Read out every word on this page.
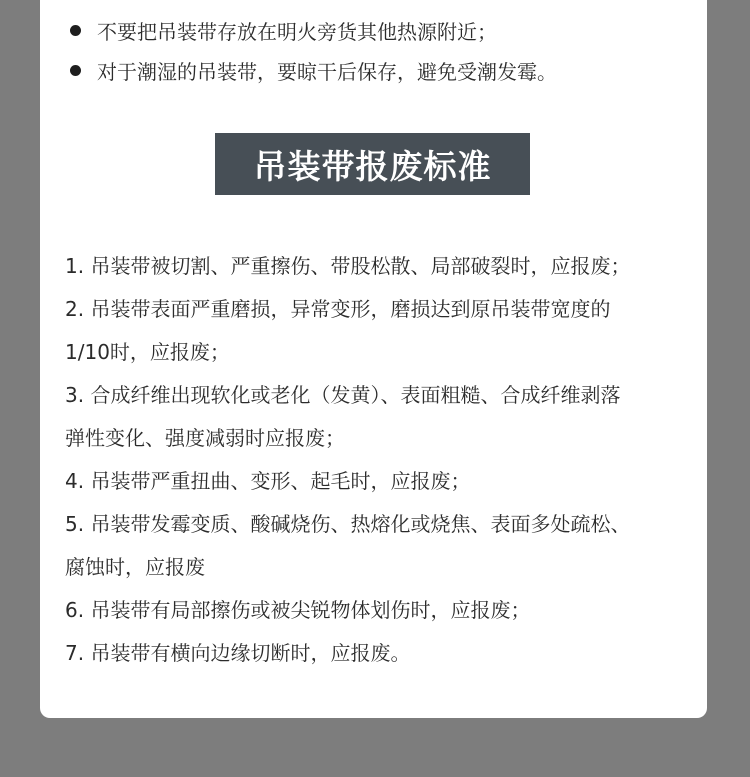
不要把吊装带存放在明火旁货其他热源附近；
对于潮湿的吊装带，要晾干后保存，避免受潮发霉。
吊装带报废标准
1. 吊装带被切割、严重擦伤、带股松散、局部破裂时，应报废；
2. 吊装带表面严重磨损，异常变形，磨损达到原吊装带宽度的
1/10时，应报废；
3. 合成纤维出现软化或老化（发黄）、表面粗糙、合成纤维剥落
弹性变化、强度减弱时应报废；
4. 吊装带严重扭曲、变形、起毛时，应报废；
5. 吊装带发霉变质、酸碱烧伤、热熔化或烧焦、表面多处疏松、
腐蚀时，应报废
6. 吊装带有局部擦伤或被尖锐物体划伤时，应报废；
7. 吊装带有横向边缘切断时，应报废。
